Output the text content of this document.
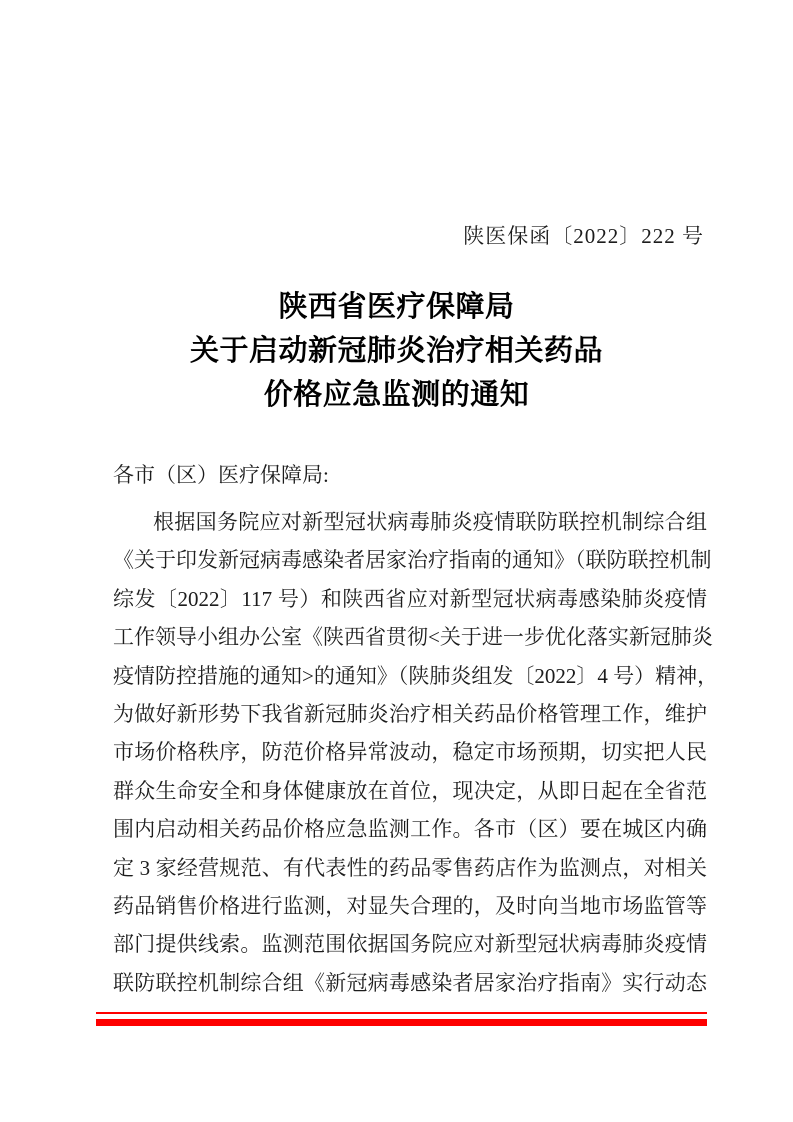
陕医保函〔2022〕222 号
陕西省医疗保障局
关于启动新冠肺炎治疗相关药品
价格应急监测的通知
各市（区）医疗保障局:
根据国务院应对新型冠状病毒肺炎疫情联防联控机制综合组
《关于印发新冠病毒感染者居家治疗指南的通知》（联防联控机制
综发〔2022〕117 号）和陕西省应对新型冠状病毒感染肺炎疫情
工作领导小组办公室《陕西省贯彻<关于进一步优化落实新冠肺炎
疫情防控措施的通知>的通知》（陕肺炎组发〔2022〕4 号）精神，
为做好新形势下我省新冠肺炎治疗相关药品价格管理工作，维护
市场价格秩序，防范价格异常波动，稳定市场预期，切实把人民
群众生命安全和身体健康放在首位，现决定，从即日起在全省范
围内启动相关药品价格应急监测工作。各市（区）要在城区内确
定 3 家经营规范、有代表性的药品零售药店作为监测点，对相关
药品销售价格进行监测，对显失合理的，及时向当地市场监管等
部门提供线索。监测范围依据国务院应对新型冠状病毒肺炎疫情
联防联控机制综合组《新冠病毒感染者居家治疗指南》实行动态
